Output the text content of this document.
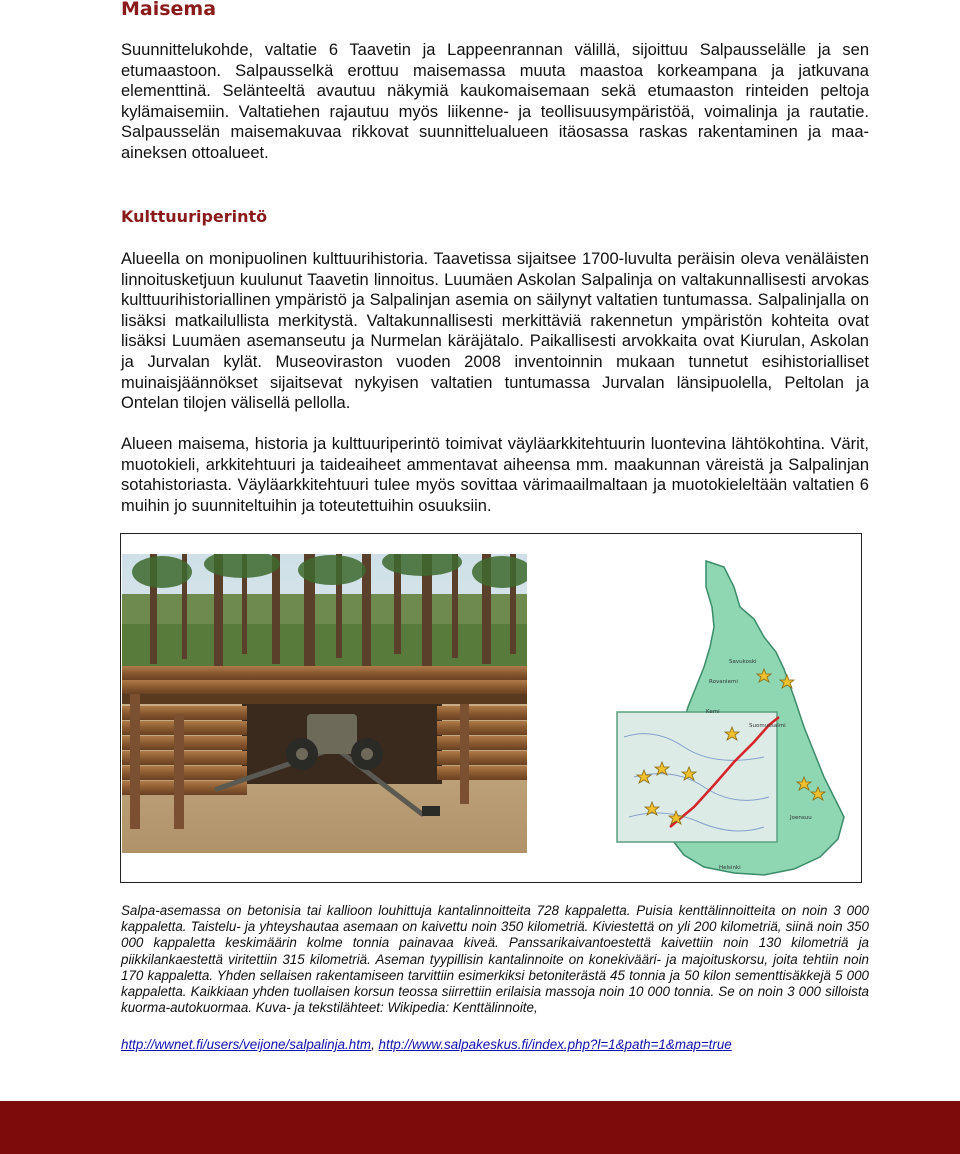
Maisema

Suunnittelukohde, valtatie 6 Taavetin ja Lappeenrannan välillä, sijoittuu Salpausselälle ja sen etumaastoon. Salpausselkä erottuu maisemassa muuta maastoa korkeampana ja jatkuvana elementtinä. Selänteeltä avautuu näkymiä kaukomaisemaan sekä etumaaston rinteiden peltoja kylämaisemiin. Valtatiehen rajautuu myös liikenne- ja teollisuusympäristöä, voimalinja ja rautatie. Salpausselän maisemakuvaa rikkovat suunnittelualueen itäosassa raskas rakentaminen ja maa-aineksen ottoalueet.

Kulttuuriperintö

Alueella on monipuolinen kulttuurihistoria. Taavetissa sijaitsee 1700-luvulta peräisin oleva venäläisten linnoitusketjuun kuulunut Taavetin linnoitus. Luumäen Askolan Salpalinja on valtakunnallisesti arvokas kulttuurihistoriallinen ympäristö ja Salpalinjan asemia on säilynyt valtatien tuntumassa. Salpalinjalla on lisäksi matkailullista merkitystä. Valtakunnallisesti merkittäviä rakennetun ympäristön kohteita ovat lisäksi Luumäen asemanseutu ja Nurmelan käräjätalo. Paikallisesti arvokkaita ovat Kiurulan, Askolan ja Jurvalan kylät. Museoviraston vuoden 2008 inventoinnin mukaan tunnetut esihistorialliset muinaisjäännökset sijaitsevat nykyisen valtatien tuntumassa Jurvalan länsipuolella, Peltolan ja Ontelan tilojen välisellä pellolla.

Alueen maisema, historia ja kulttuuriperintö toimivat väyläarkkitehtuurin luontevina lähtökohtina. Värit, muotokieli, arkkitehtuuri ja taideaiheet ammentavat aiheensa mm. maakunnan väreistä ja Salpalinjan sotahistoriasta. Väyläarkkitehtuuri tulee myös sovittaa värimaailmaltaan ja muotokieleltään valtatien 6 muihin jo suunniteltuihin ja toteutettuihin osuuksiin.

Savukoski
Rovaniemi
Kemi
Suomussalmi
Joensuu
Helsinki

Salpa-asemassa on betonisia tai kallioon louhittuja kantalinnoitteita 728 kappaletta. Puisia kenttälinnoitteita on noin 3 000 kappaletta. Taistelu- ja yhteyshautaa asemaan on kaivettu noin 350 kilometriä. Kiviestettä on yli 200 kilometriä, siinä noin 350 000 kappaletta keskimäärin kolme tonnia painavaa kiveä. Panssarikaivantoestettä kaivettiin noin 130 kilometriä ja piikkilankaestettä viritettiin 315 kilometriä. Aseman tyypillisin kantalinnoite on konekivääri- ja majoituskorsu, joita tehtiin noin 170 kappaletta. Yhden sellaisen rakentamiseen tarvittiin esimerkiksi betoniterästä 45 tonnia ja 50 kilon sementtisäkkejä 5 000 kappaletta. Kaikkiaan yhden tuollaisen korsun teossa siirrettiin erilaisia massoja noin 10 000 tonnia. Se on noin 3 000 silloista kuorma-autokuormaa. Kuva- ja tekstilähteet: Wikipedia: Kenttälinnoite,

http://wwnet.fi/users/veijone/salpalinja.htm, http://www.salpakeskus.fi/index.php?l=1&path=1&map=true
